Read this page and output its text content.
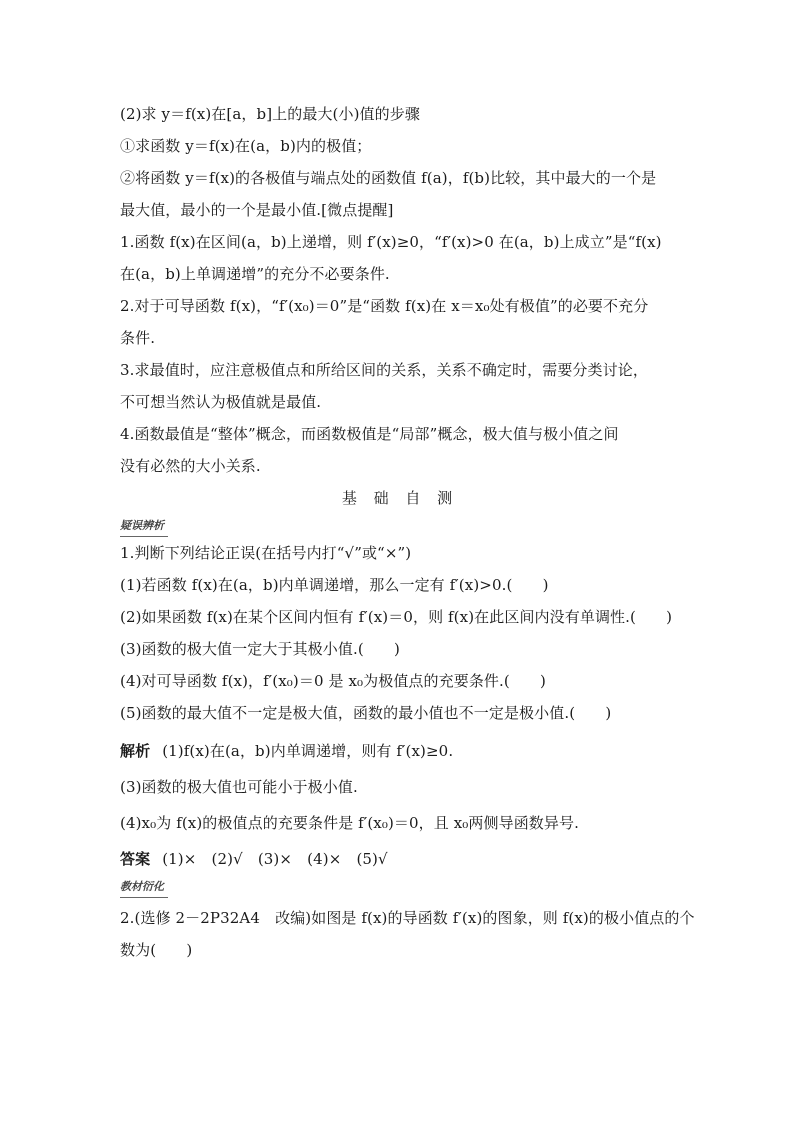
(2)求 y＝f(x)在[a，b]上的最大(小)值的步骤
①求函数 y＝f(x)在(a，b)内的极值；
②将函数 y＝f(x)的各极值与端点处的函数值 f(a)，f(b)比较，其中最大的一个是
最大值，最小的一个是最小值.[微点提醒]
1.函数 f(x)在区间(a，b)上递增，则 f′(x)≥0，“f′(x)>0 在(a，b)上成立”是“f(x)
在(a，b)上单调递增”的充分不必要条件.
2.对于可导函数 f(x)，“f′(x₀)＝0”是“函数 f(x)在 x＝x₀处有极值”的必要不充分
条件.
3.求最值时，应注意极值点和所给区间的关系，关系不确定时，需要分类讨论，
不可想当然认为极值就是最值.
4.函数最值是“整体”概念，而函数极值是“局部”概念，极大值与极小值之间
没有必然的大小关系.
基 础 自 测
疑误辨析
1.判断下列结论正误(在括号内打“√”或“×”)
(1)若函数 f(x)在(a，b)内单调递增，那么一定有 f′(x)>0.(　　)
(2)如果函数 f(x)在某个区间内恒有 f′(x)＝0，则 f(x)在此区间内没有单调性.(　　)
(3)函数的极大值一定大于其极小值.(　　)
(4)对可导函数 f(x)，f′(x₀)＝0 是 x₀为极值点的充要条件.(　　)
(5)函数的最大值不一定是极大值，函数的最小值也不一定是极小值.(　　)
解析 (1)f(x)在(a，b)内单调递增，则有 f′(x)≥0.
(3)函数的极大值也可能小于极小值.
(4)x₀为 f(x)的极值点的充要条件是 f′(x₀)＝0，且 x₀两侧导函数异号.
答案 (1)×　(2)√　(3)×　(4)×　(5)√
教材衍化
2.(选修 2－2P32A4　改编)如图是 f(x)的导函数 f′(x)的图象，则 f(x)的极小值点的个
数为(　　)
